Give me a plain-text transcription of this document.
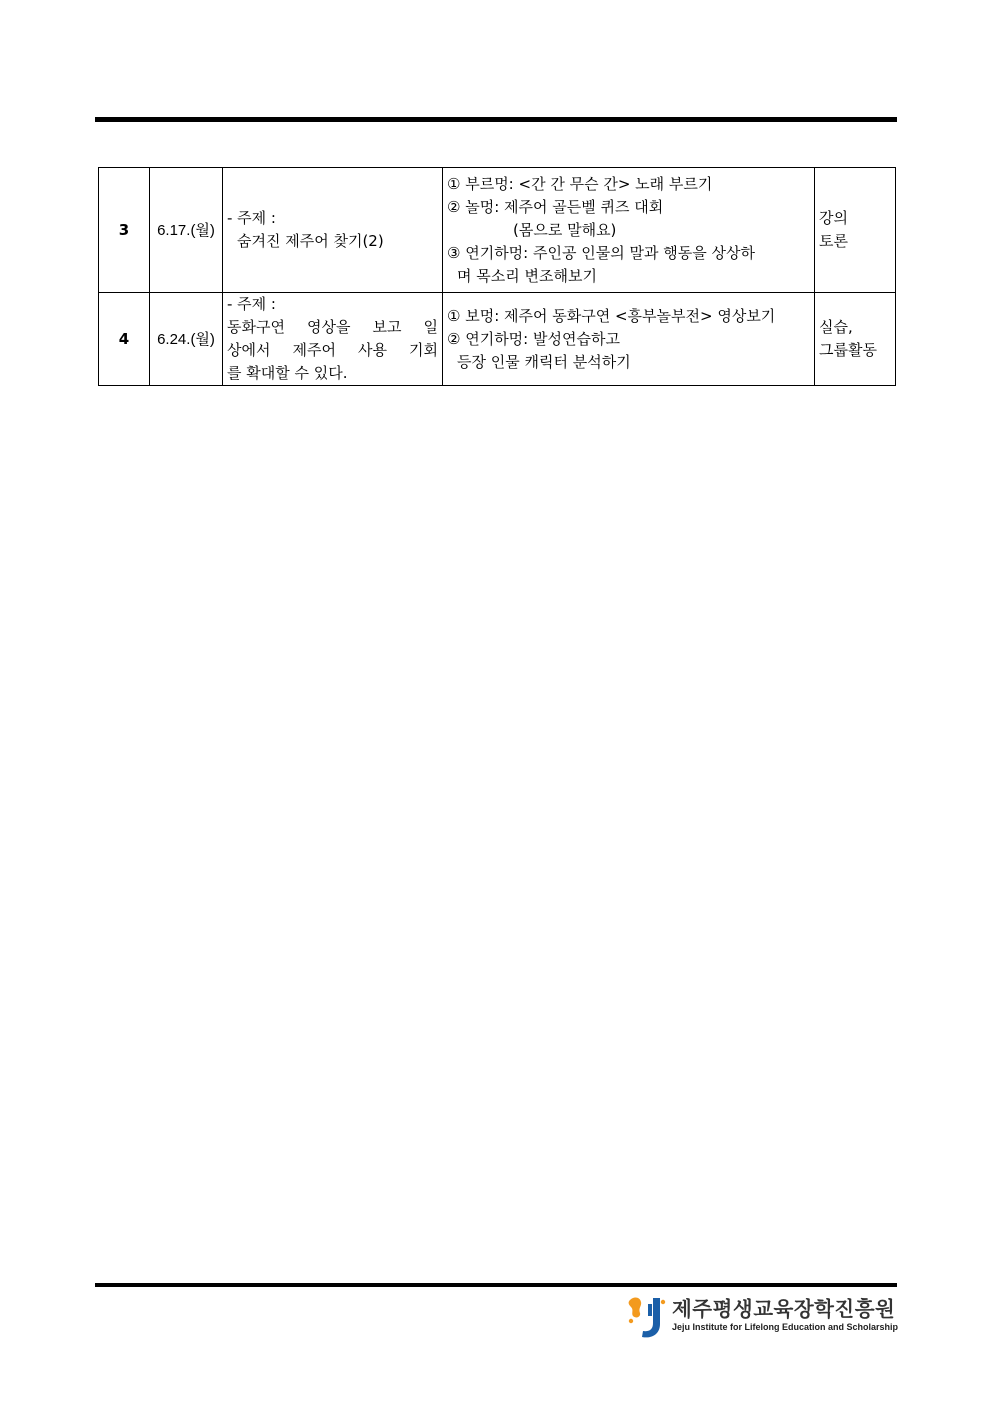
3	6.17.(월)	- 주제 :
숨겨진 제주어 찾기(2)	① 부르멍: <간 간 무슨 간> 노래 부르기
② 놀멍: 제주어 골든벨 퀴즈 대회
(몸으로 말해요)
③ 연기하멍: 주인공 인물의 말과 행동을 상상하
며 목소리 변조해보기	강의
토론

4	6.24.(월)	- 주제 :
동화구연 영상을 보고 일
상에서 제주어 사용 기회
를 확대할 수 있다.	① 보멍: 제주어 동화구연 <흥부놀부전> 영상보기
② 연기하멍: 발성연습하고
등장 인물 캐릭터 분석하기	실습,
그룹활동
제주평생교육장학진흥원
Jeju Institute for Lifelong Education and Scholarship
